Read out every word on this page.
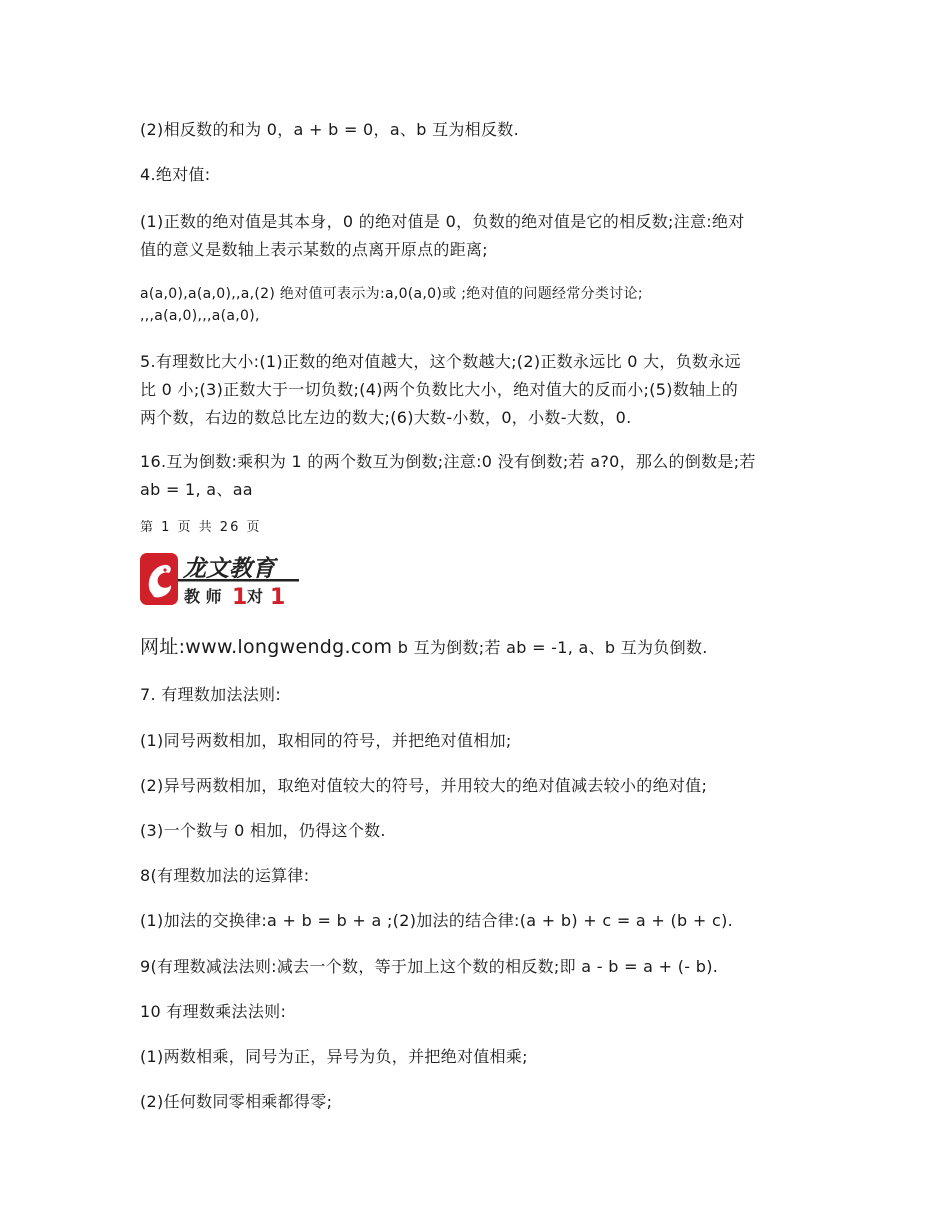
(2)相反数的和为 0，a + b = 0，a、b 互为相反数.

4.绝对值:

(1)正数的绝对值是其本身，0 的绝对值是 0，负数的绝对值是它的相反数;注意:绝对

值的意义是数轴上表示某数的点离开原点的距离;

a(a,0),a(a,0),,a,(2) 绝对值可表示为:a,0(a,0)或 ;绝对值的问题经常分类讨论;

,,,a(a,0),,,a(a,0),

5.有理数比大小:(1)正数的绝对值越大，这个数越大;(2)正数永远比 0 大，负数永远

比 0 小;(3)正数大于一切负数;(4)两个负数比大小，绝对值大的反而小;(5)数轴上的

两个数，右边的数总比左边的数大;(6)大数-小数，0，小数-大数，0.

16.互为倒数:乘积为 1 的两个数互为倒数;注意:0 没有倒数;若 a?0，那么的倒数是;若

ab = 1, a、aa

第 1 页 共 26 页

龙文教育
教 师 1 对 1

网址:www.longwendg.com b 互为倒数;若 ab = -1, a、b 互为负倒数.

7. 有理数加法法则:

(1)同号两数相加，取相同的符号，并把绝对值相加;

(2)异号两数相加，取绝对值较大的符号，并用较大的绝对值减去较小的绝对值;

(3)一个数与 0 相加，仍得这个数.

8(有理数加法的运算律:

(1)加法的交换律:a + b = b + a ;(2)加法的结合律:(a + b) + c = a + (b + c).

9(有理数减法法则:减去一个数，等于加上这个数的相反数;即 a - b = a + (- b).

10 有理数乘法法则:

(1)两数相乘，同号为正，异号为负，并把绝对值相乘;

(2)任何数同零相乘都得零;
